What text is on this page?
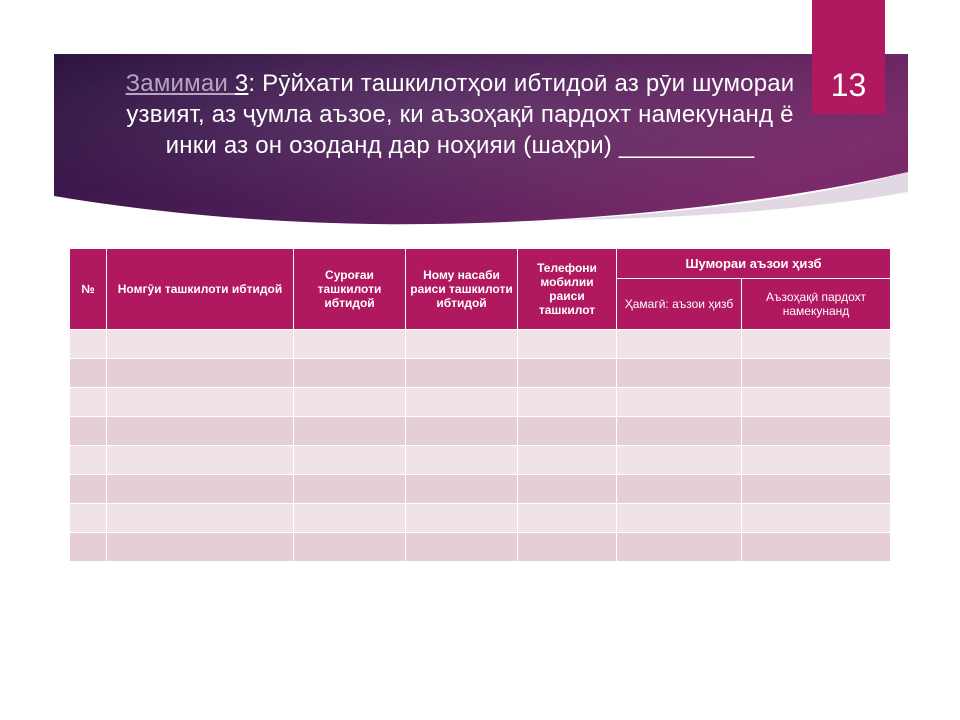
Замимаи 3: Рӯйхати ташкилотҳои ибтидоӣ аз рӯи шумораи узвият, аз ҷумла аъзое, ки аъзоҳақӣ пардохт намекунанд ё инки аз он озоданд дар ноҳияи (шаҳри) __________
13
№	Номгӯи ташкилоти ибтидой	Суроғаи ташкилоти ибтидой	Ному насаби раиси ташкилоти ибтидой	Телефони мобилии раиси ташкилот	Шумораи аъзои ҳизб	
					Ҳамагӣ: аъзои ҳизб	Аъзоҳақӣ пардохт намекунанд
